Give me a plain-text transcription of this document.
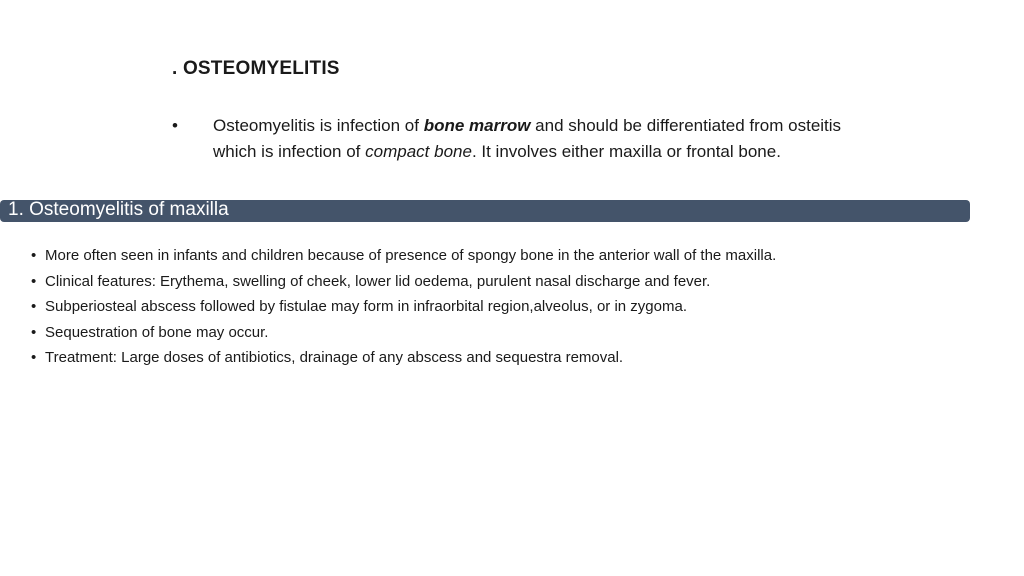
. OSTEOMYELITIS
• Osteomyelitis is infection of bone marrow and should be differentiated from osteitis which is infection of compact bone. It involves either maxilla or frontal bone.
1. Osteomyelitis of maxilla
• More often seen in infants and children because of presence of spongy bone in the anterior wall of the maxilla.
• Clinical features: Erythema, swelling of cheek, lower lid oedema, purulent nasal discharge and fever.
• Subperiosteal abscess followed by fistulae may form in infraorbital region,alveolus, or in zygoma.
• Sequestration of bone may occur.
• Treatment: Large doses of antibiotics, drainage of any abscess and sequestra removal.
